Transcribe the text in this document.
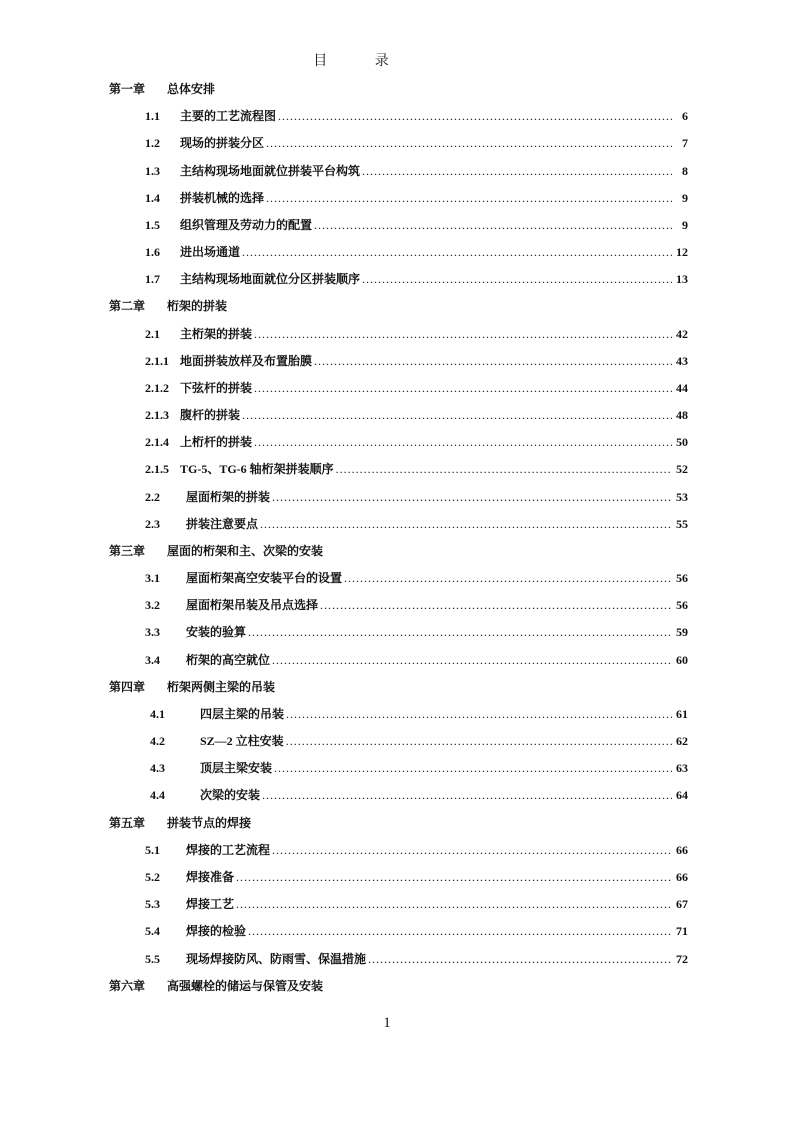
目 录
第一章 总体安排
1.1	主要的工艺流程图 .....	6
1.2	现场的拼装分区 .....	7
1.3	主结构现场地面就位拼装平台构筑 .....	8
1.4	拼装机械的选择 .....	9
1.5	组织管理及劳动力的配置 .....	9
1.6	进出场通道 .....	12
1.7	主结构现场地面就位分区拼装顺序 .....	13
第二章 桁架的拼装
2.1	主桁架的拼装 .....	42
2.1.1 地面拼装放样及布置胎膜 .....	43
2.1.2 下弦杆的拼装 .....	44
2.1.3 腹杆的拼装 .....	48
2.1.4 上桁杆的拼装 .....	50
2.1.5 TG-5、TG-6 轴桁架拼装顺序 .....	52
2.2	屋面桁架的拼装 .....	53
2.3	拼装注意要点 .....	55
第三章 屋面的桁架和主、次梁的安装
3.1	屋面桁架高空安装平台的设置 .....	56
3.2	屋面桁架吊装及吊点选择 .....	56
3.3	安装的验算 .....	59
3.4	桁架的高空就位 .....	60
第四章 桁架两侧主梁的吊装
4.1	四层主梁的吊装 .....	61
4.2	SZ—2 立柱安装 .....	62
4.3	顶层主梁安装 .....	63
4.4	次梁的安装 .....	64
第五章 拼装节点的焊接
5.1	焊接的工艺流程 .....	66
5.2	焊接准备 .....	66
5.3	焊接工艺 .....	67
5.4	焊接的检验 .....	71
5.5	现场焊接防风、防雨雪、保温措施 .....	72
第六章 高强螺栓的储运与保管及安装
1
